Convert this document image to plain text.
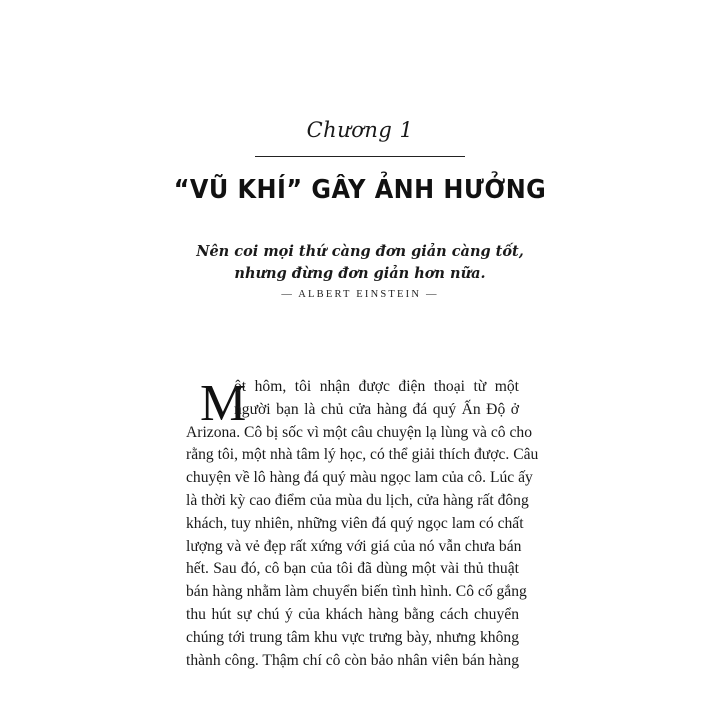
Chương 1
“VŨ KHÍ” GÂY ẢNH HƯỞNG
Nên coi mọi thứ càng đơn giản càng tốt,
nhưng đừng đơn giản hơn nữa.
— ALBERT EINSTEIN —
M
ột hôm, tôi nhận được điện thoại từ một
người bạn là chủ cửa hàng đá quý Ấn Độ ở
Arizona. Cô bị sốc vì một câu chuyện lạ lùng và cô cho
rằng tôi, một nhà tâm lý học, có thể giải thích được. Câu
chuyện về lô hàng đá quý màu ngọc lam của cô. Lúc ấy
là thời kỳ cao điểm của mùa du lịch, cửa hàng rất đông
khách, tuy nhiên, những viên đá quý ngọc lam có chất
lượng và vẻ đẹp rất xứng với giá của nó vẫn chưa bán
hết. Sau đó, cô bạn của tôi đã dùng một vài thủ thuật
bán hàng nhằm làm chuyển biến tình hình. Cô cố gắng
thu hút sự chú ý của khách hàng bằng cách chuyển
chúng tới trung tâm khu vực trưng bày, nhưng không
thành công. Thậm chí cô còn bảo nhân viên bán hàng
